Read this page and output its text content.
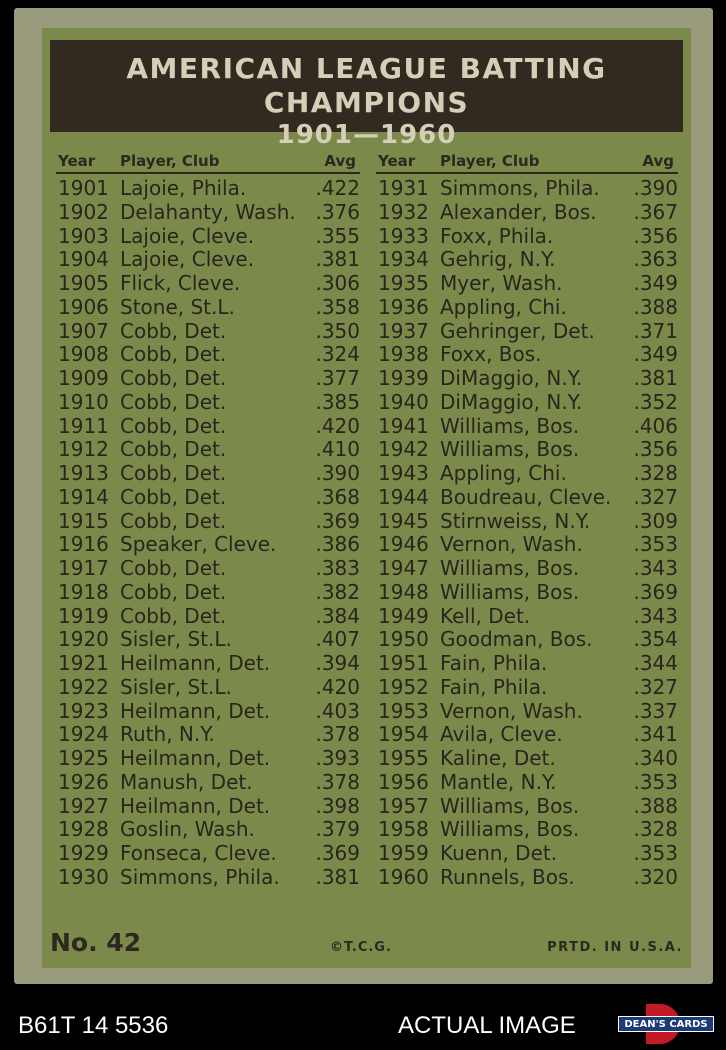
AMERICAN LEAGUE BATTING CHAMPIONS
1901—1960
Year Player, Club	Avg
1901 Lajoie, Phila.	.422
1902 Delahanty, Wash. .376
1903 Lajoie, Cleve.	.355
1904 Lajoie, Cleve.	.381
1905 Flick, Cleve.	.306
1906 Stone, St.L.	.358
1907 Cobb, Det.	.350
1908 Cobb, Det.	.324
1909 Cobb, Det.	.377
1910 Cobb, Det.	.385
1911 Cobb, Det.	.420
1912 Cobb, Det.	.410
1913 Cobb, Det.	.390
1914 Cobb, Det.	.368
1915 Cobb, Det.	.369
1916 Speaker, Cleve. .386
1917 Cobb, Det.	.383
1918 Cobb, Det.	.382
1919 Cobb, Det.	.384
1920 Sisler, St.L.	.407
1921 Heilmann, Det. .394
1922 Sisler, St.L.	.420
1923 Heilmann, Det. .403
1924 Ruth, N.Y.	.378
1925 Heilmann, Det. .393
1926 Manush, Det.	.378
1927 Heilmann, Det. .398
1928 Goslin, Wash.	.379
1929 Fonseca, Cleve. .369
1930 Simmons, Phila. .381
Year Player, Club	Avg
1931 Simmons, Phila. .390
1932 Alexander, Bos. .367
1933 Foxx, Phila.	.356
1934 Gehrig, N.Y.	.363
1935 Myer, Wash.	.349
1936 Appling, Chi.	.388
1937 Gehringer, Det. .371
1938 Foxx, Bos.	.349
1939 DiMaggio, N.Y.	.381
1940 DiMaggio, N.Y.	.352
1941 Williams, Bos.	.406
1942 Williams, Bos.	.356
1943 Appling, Chi.	.328
1944 Boudreau, Cleve. .327
1945 Stirnweiss, N.Y. .309
1946 Vernon, Wash.	.353
1947 Williams, Bos.	.343
1948 Williams, Bos.	.369
1949 Kell, Det.	.343
1950 Goodman, Bos. .354
1951 Fain, Phila.	.344
1952 Fain, Phila.	.327
1953 Vernon, Wash.	.337
1954 Avila, Cleve.	.341
1955 Kaline, Det.	.340
1956 Mantle, N.Y.	.353
1957 Williams, Bos.	.388
1958 Williams, Bos.	.328
1959 Kuenn, Det.	.353
1960 Runnels, Bos.	.320
No. 42	©T.C.G.	PRTD. IN U.S.A.
B61T 14 5536	ACTUAL IMAGE	DEAN'S CARDS
